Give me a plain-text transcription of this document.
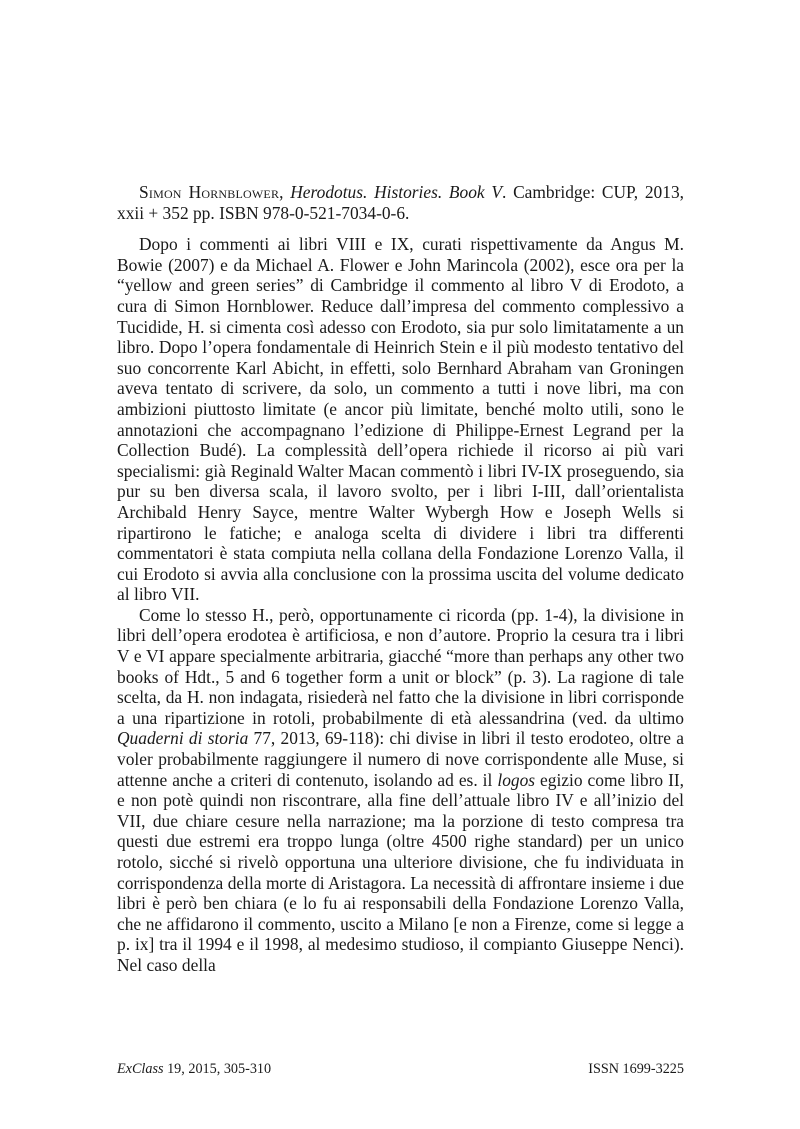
Simon Hornblower, Herodotus. Histories. Book V. Cambridge: CUP, 2013, xxii + 352 pp. ISBN 978-0-521-7034-0-6.

Dopo i commenti ai libri VIII e IX, curati rispettivamente da Angus M. Bowie (2007) e da Michael A. Flower e John Marincola (2002), esce ora per la “yellow and green series” di Cambridge il commento al libro V di Erodoto, a cura di Simon Hornblower. Reduce dall’impresa del commento complessivo a Tucidide, H. si cimenta così adesso con Erodoto, sia pur solo limitatamente a un libro. Dopo l’opera fondamentale di Heinrich Stein e il più modesto tentativo del suo concorrente Karl Abicht, in effetti, solo Bernhard Abraham van Groningen aveva tentato di scrivere, da solo, un commento a tutti i nove libri, ma con ambizioni piuttosto limitate (e ancor più limitate, benché molto utili, sono le annotazioni che accompagnano l’edizione di Philippe-Ernest Legrand per la Collection Budé). La complessità dell’opera richiede il ricorso ai più vari specialismi: già Reginald Walter Macan commentò i libri IV-IX proseguendo, sia pur su ben diversa scala, il lavoro svolto, per i libri I-III, dall’orientalista Archibald Henry Sayce, mentre Walter Wybergh How e Joseph Wells si ripartirono le fatiche; e analoga scelta di dividere i libri tra differenti commentatori è stata compiuta nella collana della Fondazione Lorenzo Valla, il cui Erodoto si avvia alla conclusione con la prossima uscita del volume dedicato al libro VII.

Come lo stesso H., però, opportunamente ci ricorda (pp. 1-4), la divisione in libri dell’opera erodotea è artificiosa, e non d’autore. Proprio la cesura tra i libri V e VI appare specialmente arbitraria, giacché “more than perhaps any other two books of Hdt., 5 and 6 together form a unit or block” (p. 3). La ragione di tale scelta, da H. non indagata, risiederà nel fatto che la divisione in libri corrisponde a una ripartizione in rotoli, probabilmente di età alessandrina (ved. da ultimo Quaderni di storia 77, 2013, 69-118): chi divise in libri il testo erodoteo, oltre a voler probabilmente raggiungere il numero di nove corrispondente alle Muse, si attenne anche a criteri di contenuto, isolando ad es. il logos egizio come libro II, e non potè quindi non riscontrare, alla fine dell’attuale libro IV e all’inizio del VII, due chiare cesure nella narrazione; ma la porzione di testo compresa tra questi due estremi era troppo lunga (oltre 4500 righe standard) per un unico rotolo, sicché si rivelò opportuna una ulteriore divisione, che fu individuata in corrispondenza della morte di Aristagora. La necessità di affrontare insieme i due libri è però ben chiara (e lo fu ai responsabili della Fondazione Lorenzo Valla, che ne affidarono il commento, uscito a Milano [e non a Firenze, come si legge a p. ix] tra il 1994 e il 1998, al medesimo studioso, il compianto Giuseppe Nenci). Nel caso della

ExClass 19, 2015, 305-310	ISSN 1699-3225
